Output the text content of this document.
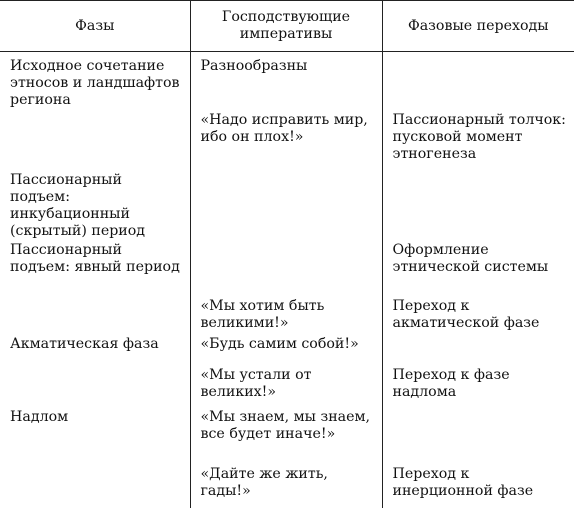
Фазы	Господствующие императивы	Фазовые переходы
Исходное сочетание этносов и ландшафтов региона	Разнообразны	
	«Надо исправить мир, ибо он плох!»	Пассионарный толчок: пусковой момент этногенеза
Пассионарный подъем: инкубационный (скрытый) период		
Пассионарный подъем: явный период		Оформление этнической системы
	«Мы хотим быть великими!»	Переход к акматической фазе
Акматическая фаза	«Будь самим собой!»	
	«Мы устали от великих!»	Переход к фазе надлома
Надлом	«Мы знаем, мы знаем, все будет иначе!»	
	«Дайте же жить, гады!»	Переход к инерционной фазе
